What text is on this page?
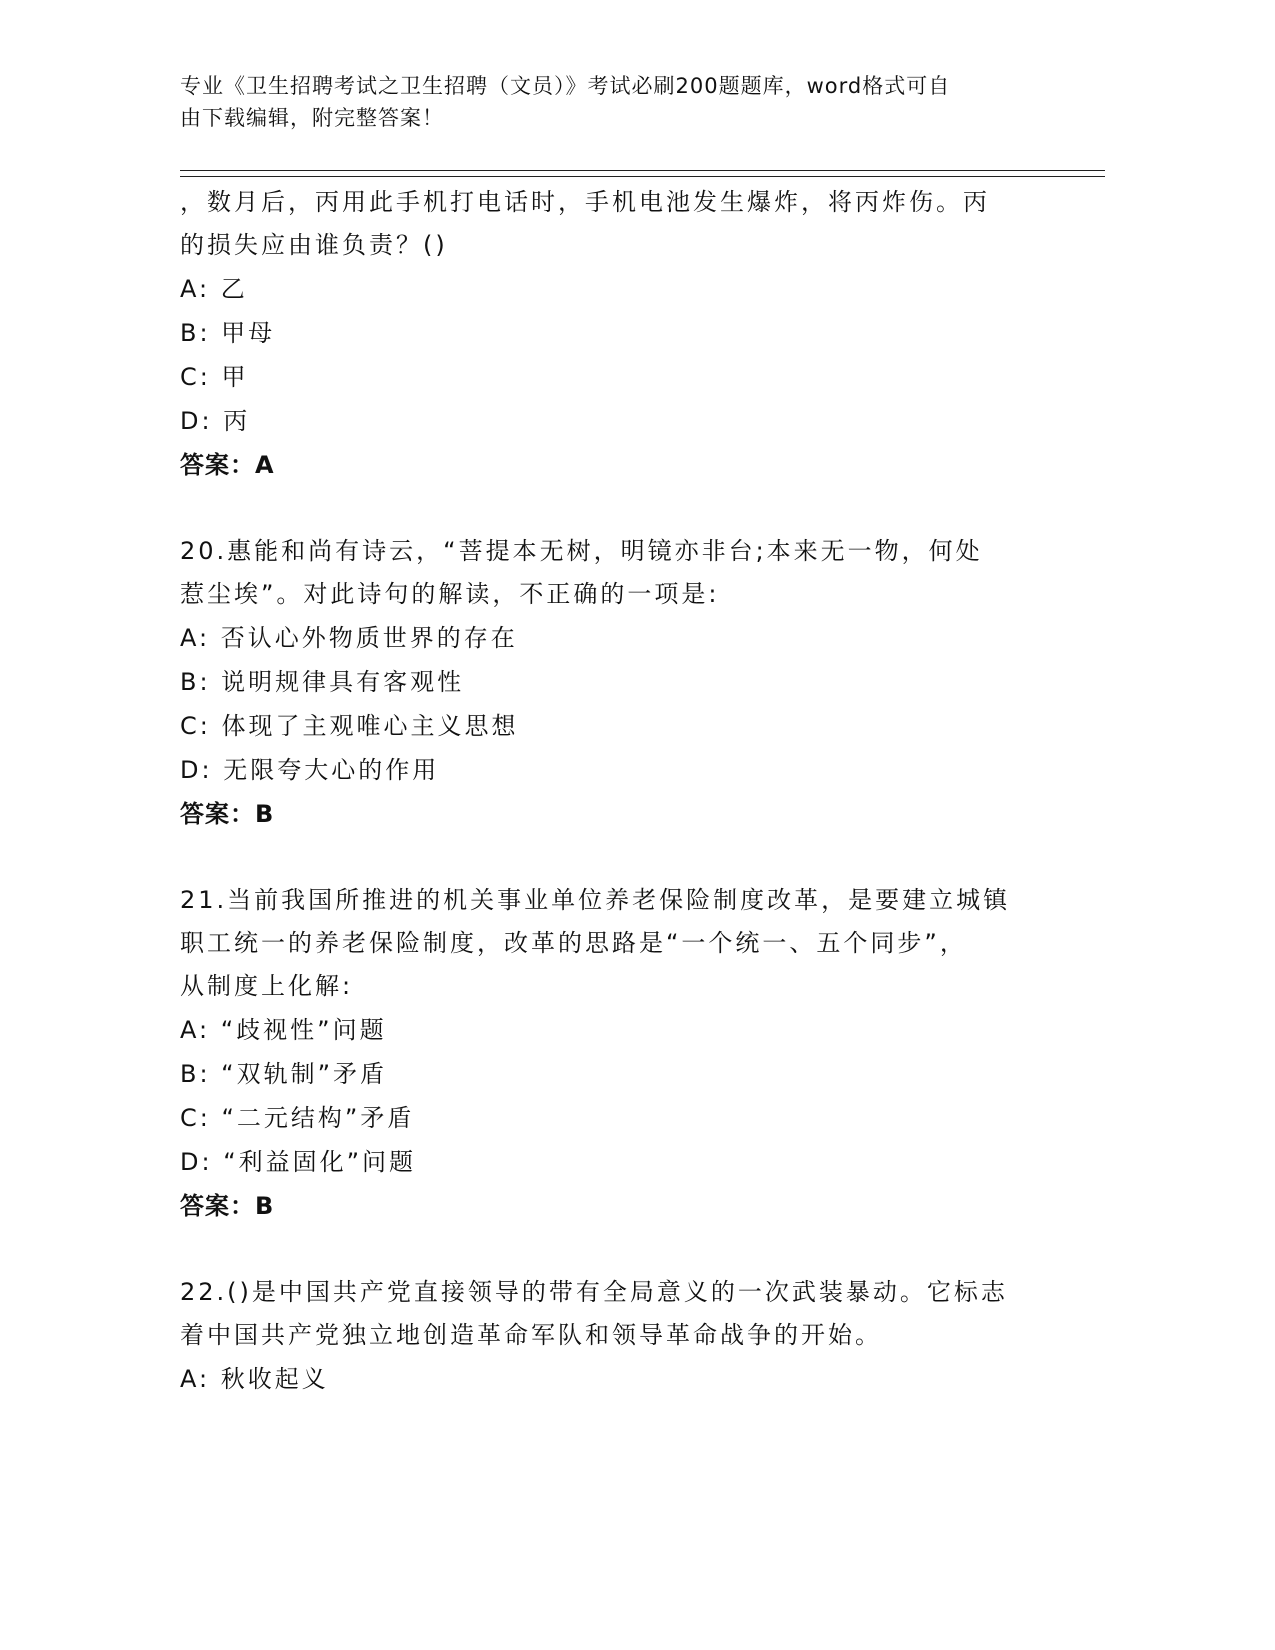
专业《卫生招聘考试之卫生招聘（文员）》考试必刷200题题库，word格式可自
由下载编辑，附完整答案！

，数月后，丙用此手机打电话时，手机电池发生爆炸，将丙炸伤。丙

的损失应由谁负责？()

A: 乙

B: 甲母

C: 甲

D: 丙

答案：A

20.惠能和尚有诗云，“菩提本无树，明镜亦非台;本来无一物，何处

惹尘埃”。对此诗句的解读，不正确的一项是:

A: 否认心外物质世界的存在

B: 说明规律具有客观性

C: 体现了主观唯心主义思想

D: 无限夸大心的作用

答案：B

21.当前我国所推进的机关事业单位养老保险制度改革，是要建立城镇

职工统一的养老保险制度，改革的思路是“一个统一、五个同步”，

从制度上化解:

A: “歧视性”问题

B: “双轨制”矛盾

C: “二元结构”矛盾

D: “利益固化”问题

答案：B

22.()是中国共产党直接领导的带有全局意义的一次武装暴动。它标志

着中国共产党独立地创造革命军队和领导革命战争的开始。

A: 秋收起义
